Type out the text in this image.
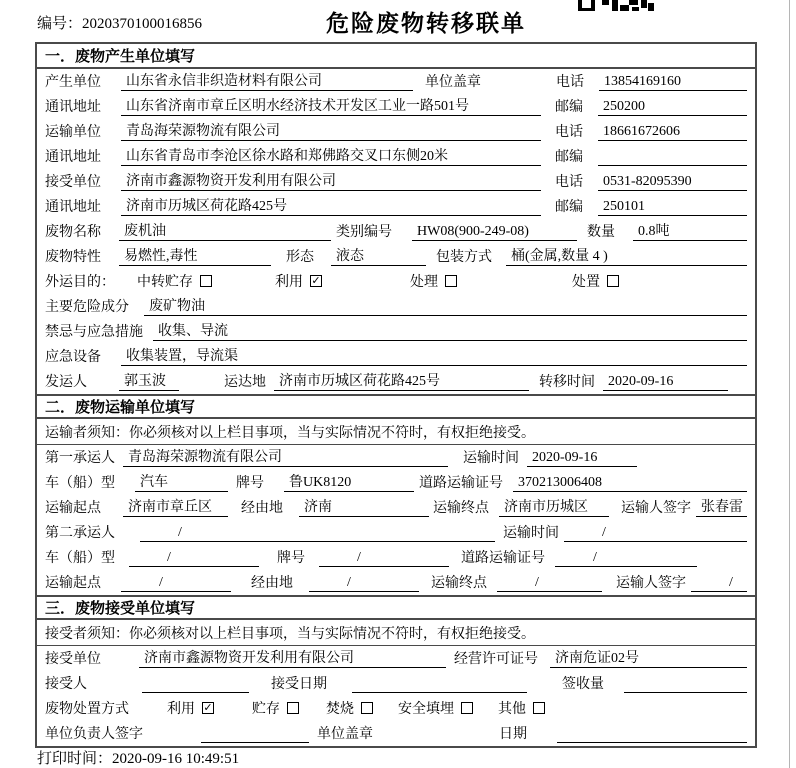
编号：2020370100016856	危险废物转移联单
一．废物产生单位填写
产生单位	山东省永信非织造材料有限公司	单位盖章	电话	13854169160
通讯地址	山东省济南市章丘区明水经济技术开发区工业一路501号	邮编	250200
运输单位	青岛海荣源物流有限公司	电话	18661672606
通讯地址	山东省青岛市李沧区徐水路和郑佛路交叉口东侧20米	邮编
接受单位	济南市鑫源物资开发利用有限公司	电话	0531-82095390
通讯地址	济南市历城区荷花路425号	邮编	250101
废物名称	废机油	类别编号	HW08(900-249-08)	数量	0.8吨
废物特性	易燃性,毒性	形态	液态	包装方式	桶(金属,数量 4 )
外运目的： 中转贮存	利用 ✓	处理	处置
主要危险成分	废矿物油
禁忌与应急措施	收集、导流
应急设备	收集装置，导流渠
发运人	郭玉波	运达地 济南市历城区荷花路425号	转移时间 2020-09-16
二．废物运输单位填写
运输者须知：你必须核对以上栏目事项，当与实际情况不符时，有权拒绝接受。
第一承运人 青岛海荣源物流有限公司	运输时间 2020-09-16
车（船）型	汽车	牌号	鲁UK8120	道路运输证号	370213006408
运输起点	济南市章丘区	经由地	济南	运输终点	济南市历城区	运输人签字 张春雷
第二承运人	/	运输时间	/
车（船）型	/	牌号	/	道路运输证号	/
运输起点	/	经由地	/	运输终点	/	运输人签字	/
三．废物接受单位填写
接受者须知：你必须核对以上栏目事项，当与实际情况不符时，有权拒绝接受。
接受单位	济南市鑫源物资开发利用有限公司	经营许可证号	济南危证02号
接受人	接受日期	签收量
废物处置方式	利用 ✓	贮存	焚烧	安全填埋	其他
单位负责人签字	单位盖章	日期
打印时间：2020-09-16 10:49:51
